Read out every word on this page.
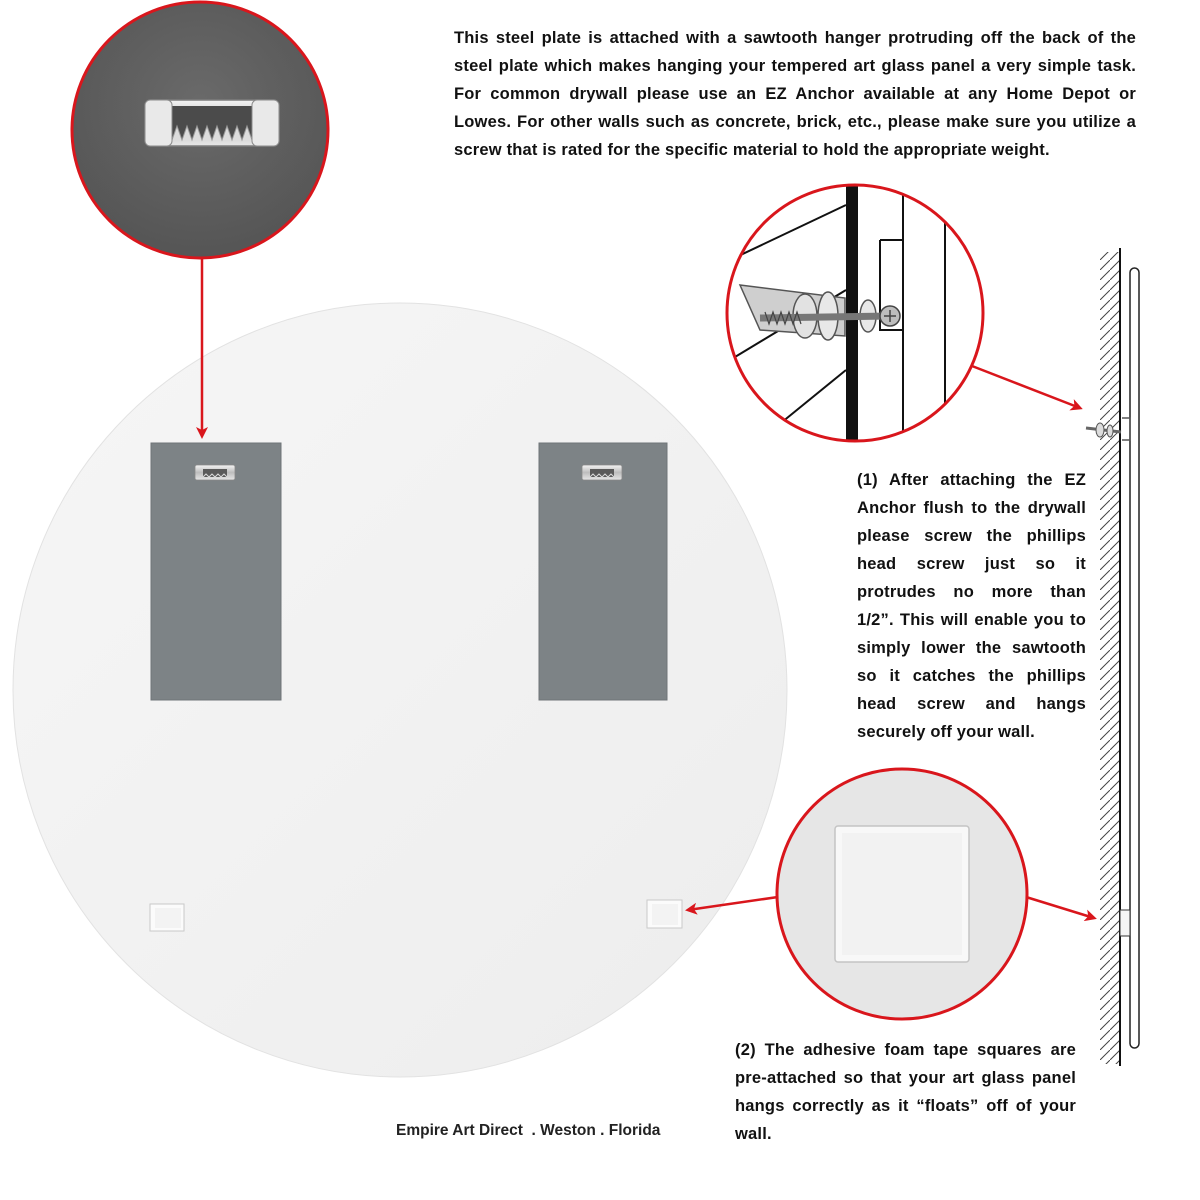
This steel plate is attached with a sawtooth hanger protruding off the back of the steel plate which makes hanging your tempered art glass panel a very simple task. For common drywall please use an EZ Anchor available at any Home Depot or Lowes. For other walls such as concrete, brick, etc., please make sure you utilize a screw that is rated for the specific material to hold the appropriate weight.
(1) After attaching the EZ Anchor flush to the drywall please screw the phillips head screw just so it protrudes no more than 1/2”. This will enable you to simply lower the sawtooth so it catches the phillips head screw and hangs securely off your wall.
(2) The adhesive foam tape squares are pre-attached so that your art glass panel hangs correctly as it “floats” off of your wall.
Empire Art Direct  . Weston . Florida
